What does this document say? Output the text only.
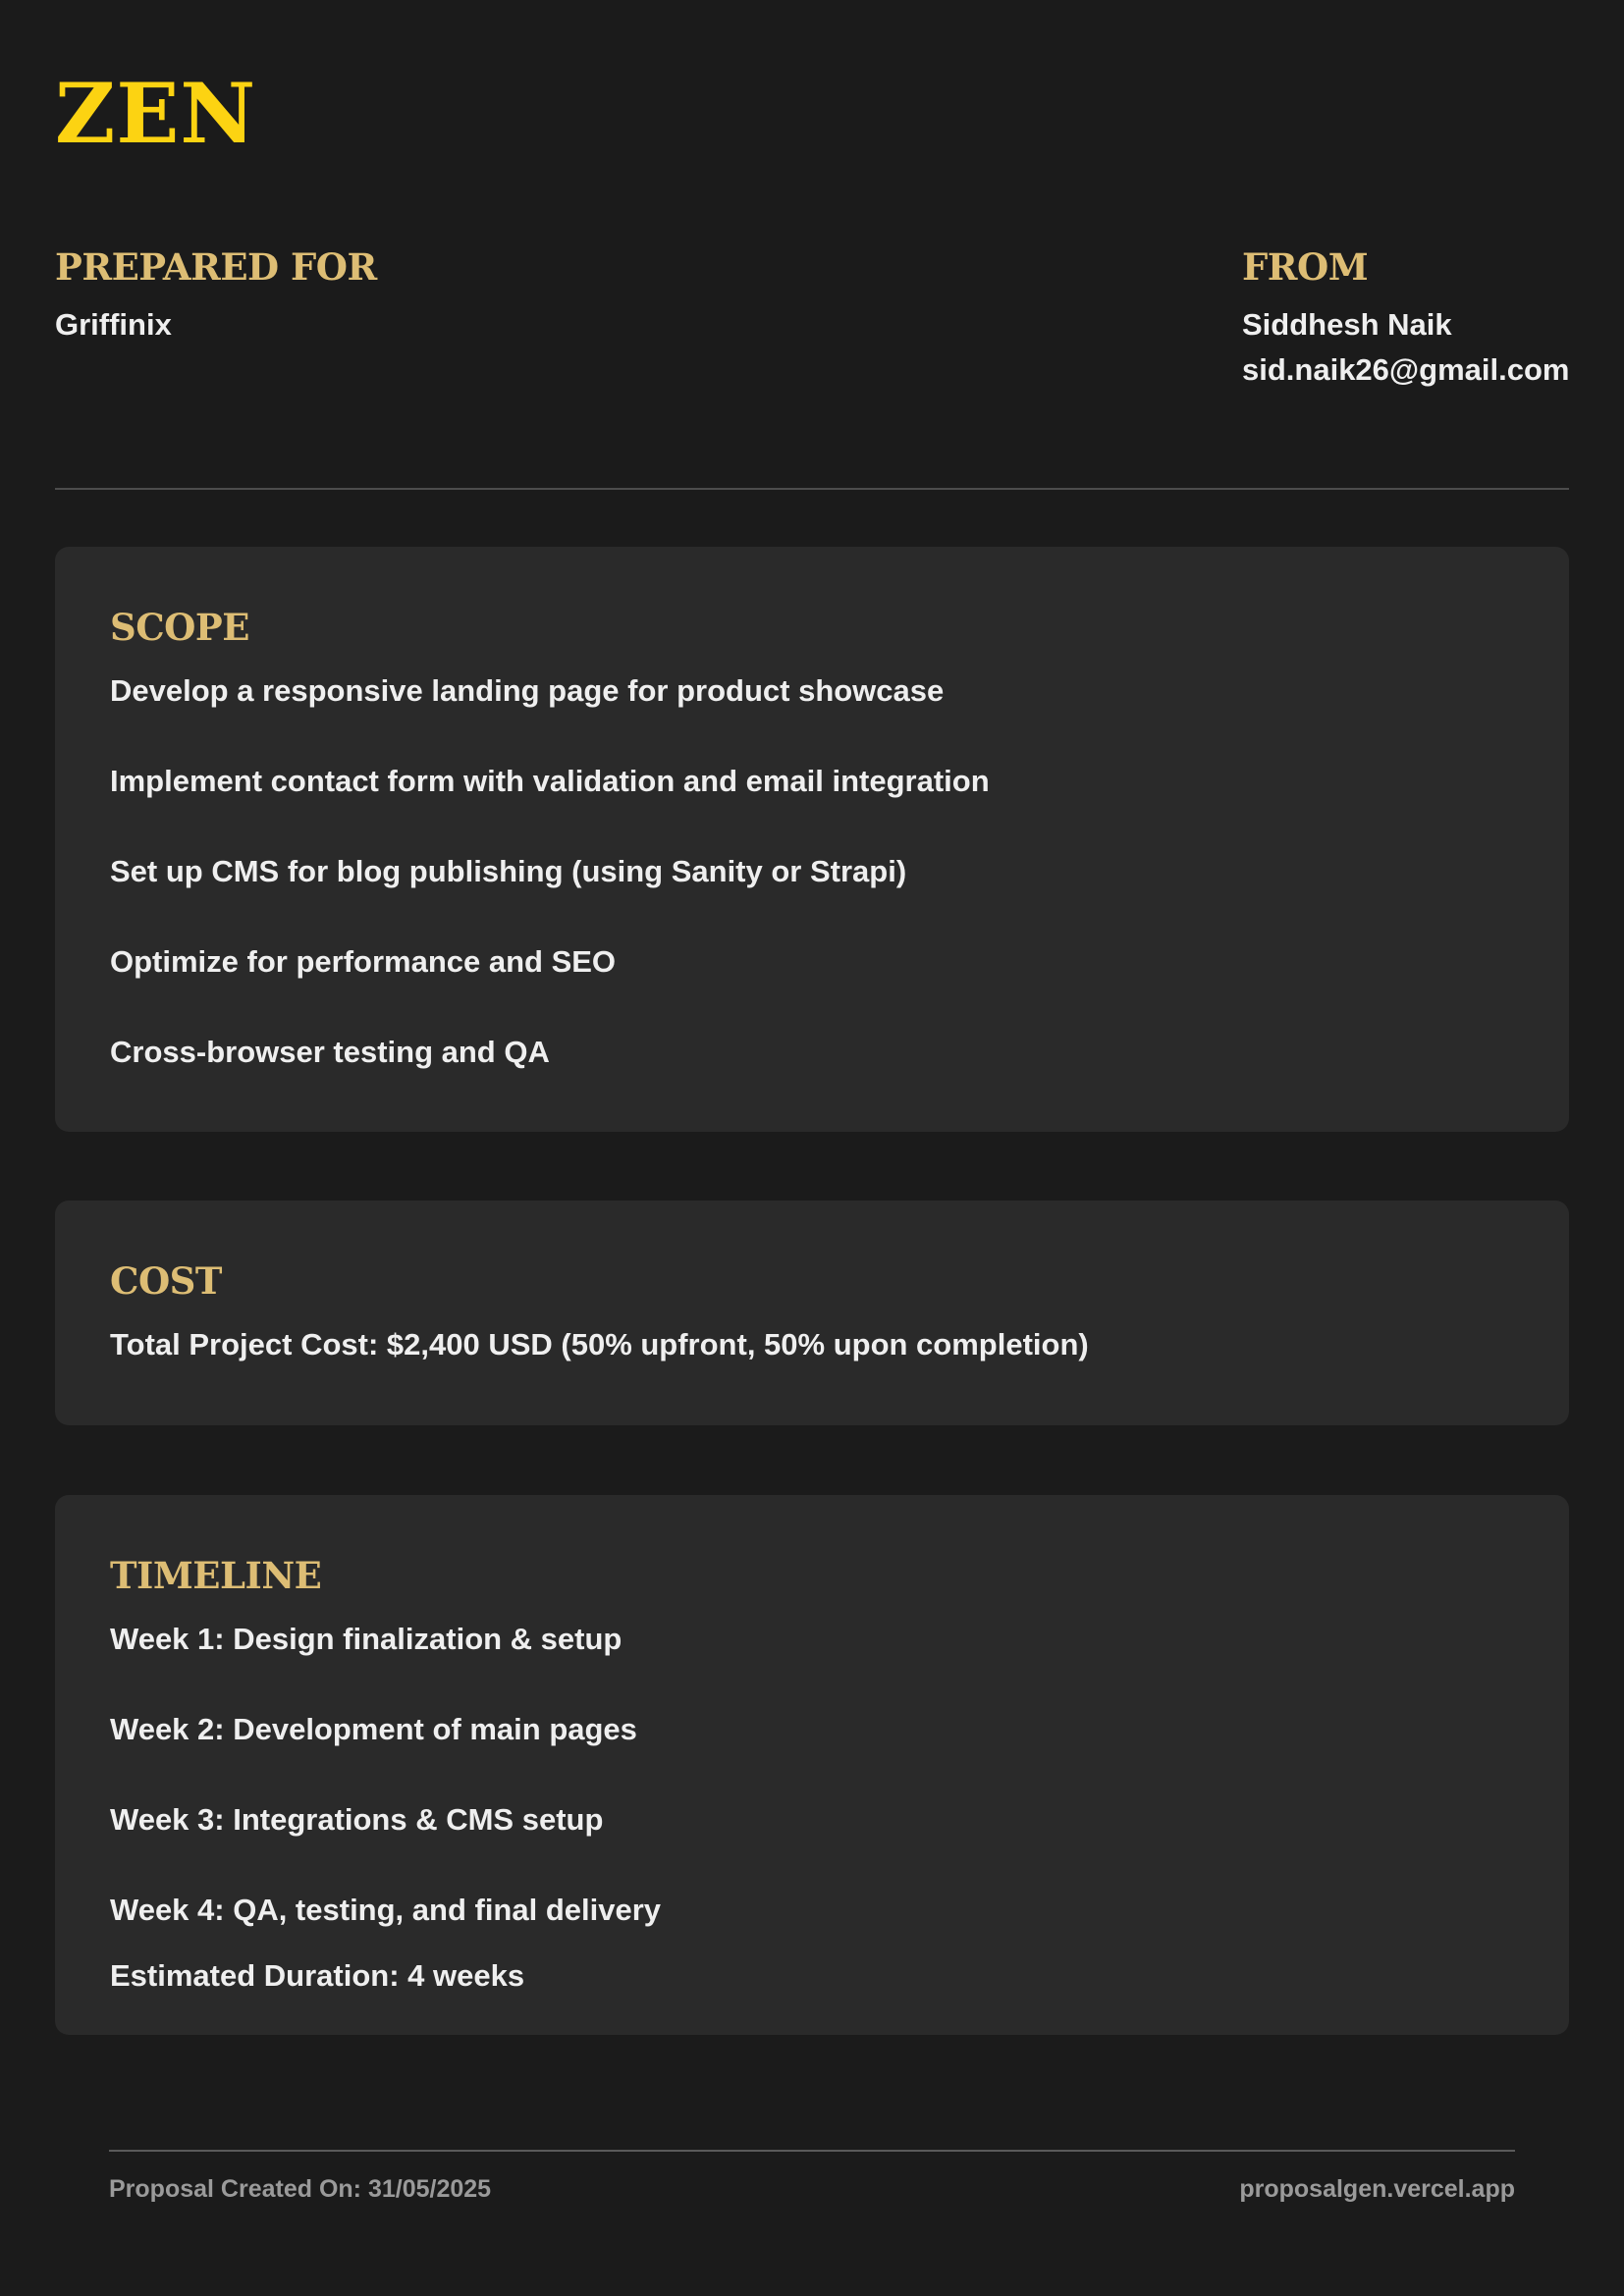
ZEN
PREPARED FOR
Griffinix
FROM
Siddhesh Naik
sid.naik26@gmail.com
SCOPE
Develop a responsive landing page for product showcase
Implement contact form with validation and email integration
Set up CMS for blog publishing (using Sanity or Strapi)
Optimize for performance and SEO
Cross-browser testing and QA
COST
Total Project Cost: $2,400 USD (50% upfront, 50% upon completion)
TIMELINE
Week 1: Design finalization & setup
Week 2: Development of main pages
Week 3: Integrations & CMS setup
Week 4: QA, testing, and final delivery
Estimated Duration: 4 weeks
Proposal Created On: 31/05/2025	proposalgen.vercel.app
